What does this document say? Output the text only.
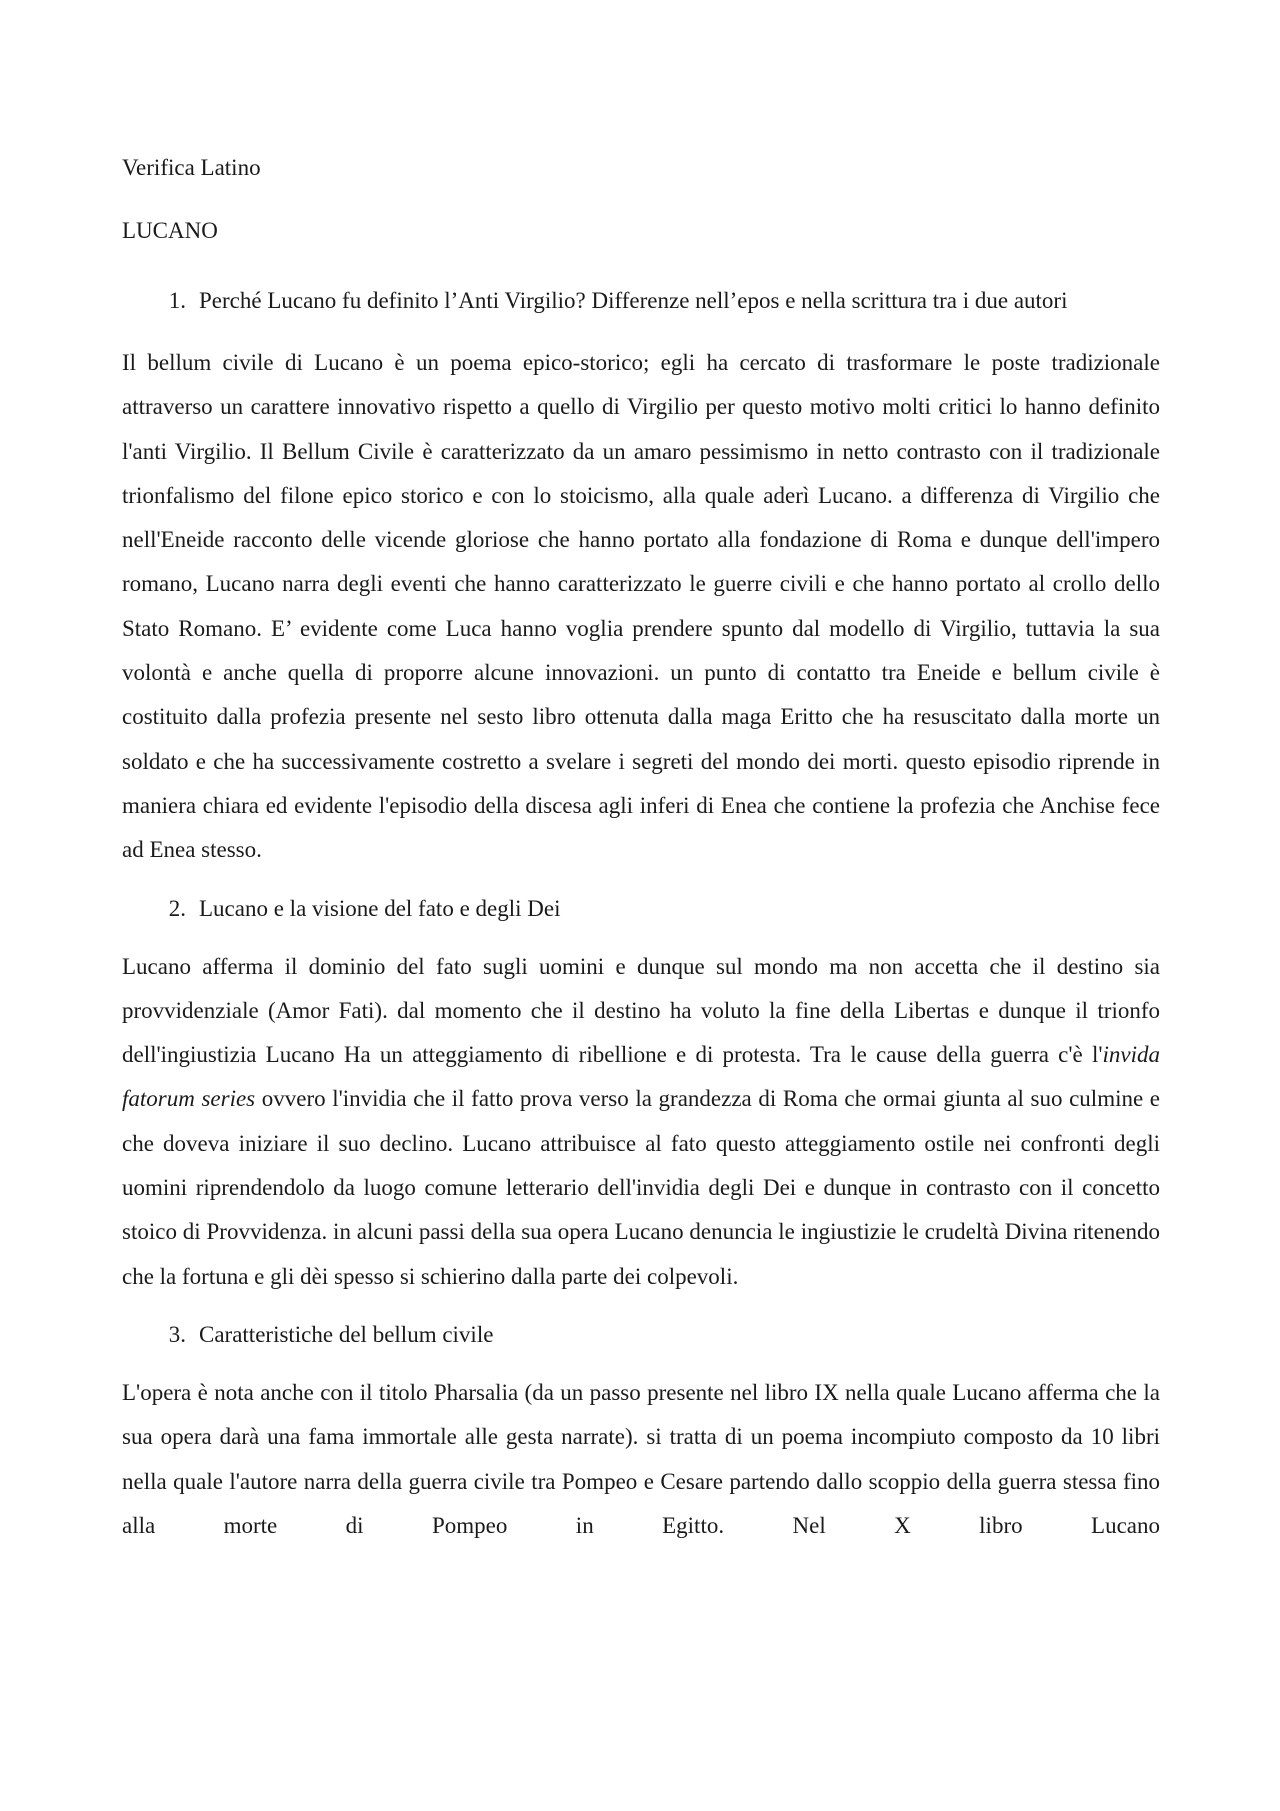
Verifica Latino
LUCANO
1. Perché Lucano fu definito l’Anti Virgilio? Differenze nell’epos e nella scrittura tra i due autori

Il bellum civile di Lucano è un poema epico-storico; egli ha cercato di trasformare le poste tradizionale attraverso un carattere innovativo rispetto a quello di Virgilio per questo motivo molti critici lo hanno definito l'anti Virgilio. Il Bellum Civile è caratterizzato da un amaro pessimismo in netto contrasto con il tradizionale trionfalismo del filone epico storico e con lo stoicismo, alla quale aderì Lucano. a differenza di Virgilio che nell'Eneide racconto delle vicende gloriose che hanno portato alla fondazione di Roma e dunque dell'impero romano, Lucano narra degli eventi che hanno caratterizzato le guerre civili e che hanno portato al crollo dello Stato Romano. E’ evidente come Luca hanno voglia prendere spunto dal modello di Virgilio, tuttavia la sua volontà e anche quella di proporre alcune innovazioni. un punto di contatto tra Eneide e bellum civile è costituito dalla profezia presente nel sesto libro ottenuta dalla maga Eritto che ha resuscitato dalla morte un soldato e che ha successivamente costretto a svelare i segreti del mondo dei morti. questo episodio riprende in maniera chiara ed evidente l'episodio della discesa agli inferi di Enea che contiene la profezia che Anchise fece ad Enea stesso.

2. Lucano e la visione del fato e degli Dei

Lucano afferma il dominio del fato sugli uomini e dunque sul mondo ma non accetta che il destino sia provvidenziale (Amor Fati). dal momento che il destino ha voluto la fine della Libertas e dunque il trionfo dell'ingiustizia Lucano Ha un atteggiamento di ribellione e di protesta. Tra le cause della guerra c'è l'invida fatorum series ovvero l'invidia che il fatto prova verso la grandezza di Roma che ormai giunta al suo culmine e che doveva iniziare il suo declino. Lucano attribuisce al fato questo atteggiamento ostile nei confronti degli uomini riprendendolo da luogo comune letterario dell'invidia degli Dei e dunque in contrasto con il concetto stoico di Provvidenza. in alcuni passi della sua opera Lucano denuncia le ingiustizie le crudeltà Divina ritenendo che la fortuna e gli dèi spesso si schierino dalla parte dei colpevoli.

3. Caratteristiche del bellum civile

L'opera è nota anche con il titolo Pharsalia (da un passo presente nel libro IX nella quale Lucano afferma che la sua opera darà una fama immortale alle gesta narrate). si tratta di un poema incompiuto composto da 10 libri nella quale l'autore narra della guerra civile tra Pompeo e Cesare partendo dallo scoppio della guerra stessa fino alla morte di Pompeo in Egitto. Nel X libro Lucano
